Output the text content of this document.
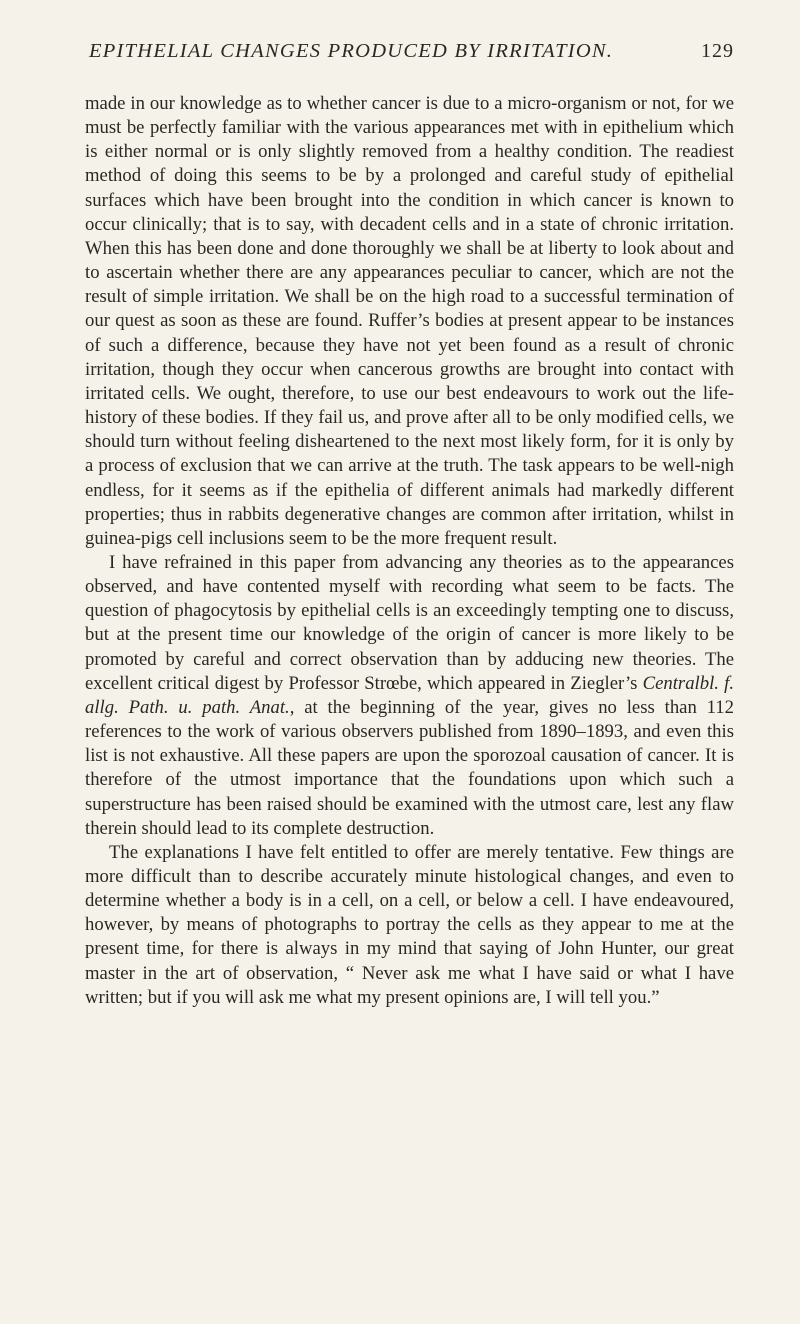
EPITHELIAL CHANGES PRODUCED BY IRRITATION.	129

made in our knowledge as to whether cancer is due to a micro-organism or not, for we must be perfectly familiar with the various appearances met with in epithelium which is either normal or is only slightly removed from a healthy condition. The readiest method of doing this seems to be by a prolonged and careful study of epithelial surfaces which have been brought into the condition in which cancer is known to occur clinically; that is to say, with decadent cells and in a state of chronic irritation. When this has been done and done thoroughly we shall be at liberty to look about and to ascertain whether there are any appearances peculiar to cancer, which are not the result of simple irritation. We shall be on the high road to a successful termination of our quest as soon as these are found. Ruffer’s bodies at present appear to be instances of such a difference, because they have not yet been found as a result of chronic irritation, though they occur when cancerous growths are brought into contact with irritated cells. We ought, therefore, to use our best endeavours to work out the life-history of these bodies. If they fail us, and prove after all to be only modified cells, we should turn without feeling disheartened to the next most likely form, for it is only by a process of exclusion that we can arrive at the truth. The task appears to be well-nigh endless, for it seems as if the epithelia of different animals had markedly different properties; thus in rabbits degenerative changes are common after irritation, whilst in guinea-pigs cell inclusions seem to be the more frequent result.

I have refrained in this paper from advancing any theories as to the appearances observed, and have contented myself with recording what seem to be facts. The question of phagocytosis by epithelial cells is an exceedingly tempting one to discuss, but at the present time our knowledge of the origin of cancer is more likely to be promoted by careful and correct observation than by adducing new theories. The excellent critical digest by Professor Strœbe, which appeared in Ziegler’s Centralbl. f. allg. Path. u. path. Anat., at the beginning of the year, gives no less than 112 references to the work of various observers published from 1890–1893, and even this list is not exhaustive. All these papers are upon the sporozoal causation of cancer. It is therefore of the utmost importance that the foundations upon which such a superstructure has been raised should be examined with the utmost care, lest any flaw therein should lead to its complete destruction.

The explanations I have felt entitled to offer are merely tentative. Few things are more difficult than to describe accurately minute histological changes, and even to determine whether a body is in a cell, on a cell, or below a cell. I have endeavoured, however, by means of photographs to portray the cells as they appear to me at the present time, for there is always in my mind that saying of John Hunter, our great master in the art of observation, “ Never ask me what I have said or what I have written; but if you will ask me what my present opinions are, I will tell you.”
